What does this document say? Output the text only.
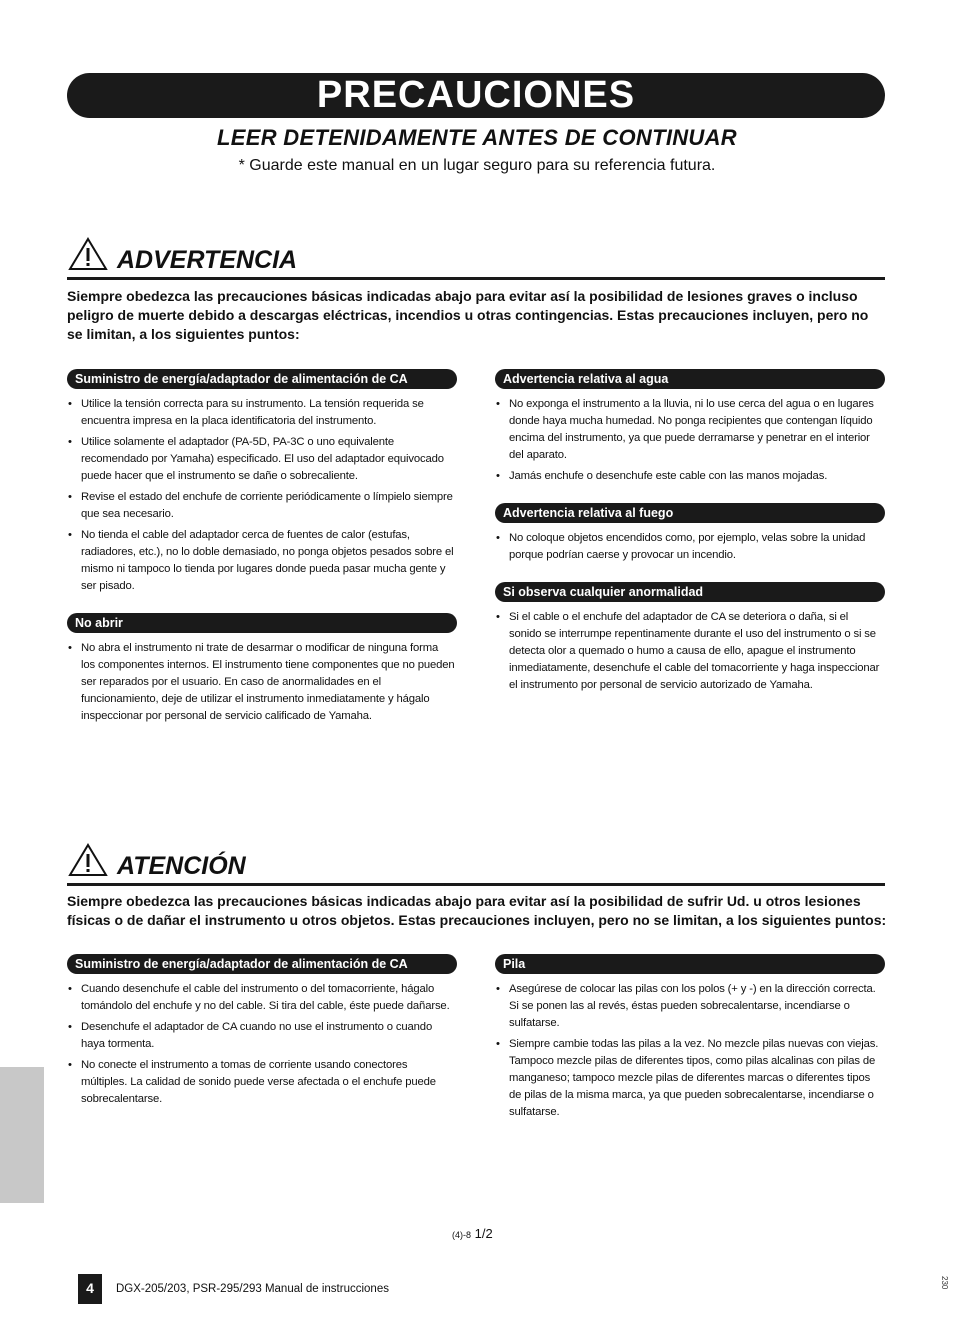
PRECAUCIONES
LEER DETENIDAMENTE ANTES DE CONTINUAR
* Guarde este manual en un lugar seguro para su referencia futura.
ADVERTENCIA
Siempre obedezca las precauciones básicas indicadas abajo para evitar así la posibilidad de lesiones graves o incluso peligro de muerte debido a descargas eléctricas, incendios u otras contingencias. Estas precauciones incluyen, pero no se limitan, a los siguientes puntos:
Suministro de energía/adaptador de alimentación de CA
• Utilice la tensión correcta para su instrumento. La tensión requerida se encuentra impresa en la placa identificatoria del instrumento.
• Utilice solamente el adaptador (PA-5D, PA-3C o uno equivalente recomendado por Yamaha) especificado. El uso del adaptador equivocado puede hacer que el instrumento se dañe o sobrecaliente.
• Revise el estado del enchufe de corriente periódicamente o límpielo siempre que sea necesario.
• No tienda el cable del adaptador cerca de fuentes de calor (estufas, radiadores, etc.), no lo doble demasiado, no ponga objetos pesados sobre el mismo ni tampoco lo tienda por lugares donde pueda pasar mucha gente y ser pisado.
No abrir
• No abra el instrumento ni trate de desarmar o modificar de ninguna forma los componentes internos. El instrumento tiene componentes que no pueden ser reparados por el usuario. En caso de anormalidades en el funcionamiento, deje de utilizar el instrumento inmediatamente y hágalo inspeccionar por personal de servicio calificado de Yamaha.
Advertencia relativa al agua
• No exponga el instrumento a la lluvia, ni lo use cerca del agua o en lugares donde haya mucha humedad. No ponga recipientes que contengan líquido encima del instrumento, ya que puede derramarse y penetrar en el interior del aparato.
• Jamás enchufe o desenchufe este cable con las manos mojadas.
Advertencia relativa al fuego
• No coloque objetos encendidos como, por ejemplo, velas sobre la unidad porque podrían caerse y provocar un incendio.
Si observa cualquier anormalidad
• Si el cable o el enchufe del adaptador de CA se deteriora o daña, si el sonido se interrumpe repentinamente durante el uso del instrumento o si se detecta olor a quemado o humo a causa de ello, apague el instrumento inmediatamente, desenchufe el cable del tomacorriente y haga inspeccionar el instrumento por personal de servicio autorizado de Yamaha.
ATENCIÓN
Siempre obedezca las precauciones básicas indicadas abajo para evitar así la posibilidad de sufrir Ud. u otros lesiones físicas o de dañar el instrumento u otros objetos. Estas precauciones incluyen, pero no se limitan, a los siguientes puntos:
Suministro de energía/adaptador de alimentación de CA
• Cuando desenchufe el cable del instrumento o del tomacorriente, hágalo tomándolo del enchufe y no del cable. Si tira del cable, éste puede dañarse.
• Desenchufe el adaptador de CA cuando no use el instrumento o cuando haya tormenta.
• No conecte el instrumento a tomas de corriente usando conectores múltiples. La calidad de sonido puede verse afectada o el enchufe puede sobrecalentarse.
Pila
• Asegúrese de colocar las pilas con los polos (+ y -) en la dirección correcta. Si se ponen las al revés, éstas pueden sobrecalentarse, incendiarse o sulfatarse.
• Siempre cambie todas las pilas a la vez. No mezcle pilas nuevas con viejas. Tampoco mezcle pilas de diferentes tipos, como pilas alcalinas con pilas de manganeso; tampoco mezcle pilas de diferentes marcas o diferentes tipos de pilas de la misma marca, ya que pueden sobrecalentarse, incendiarse o sulfatarse.
(4)-8 1/2
4	DGX-205/203, PSR-295/293 Manual de instrucciones	230
